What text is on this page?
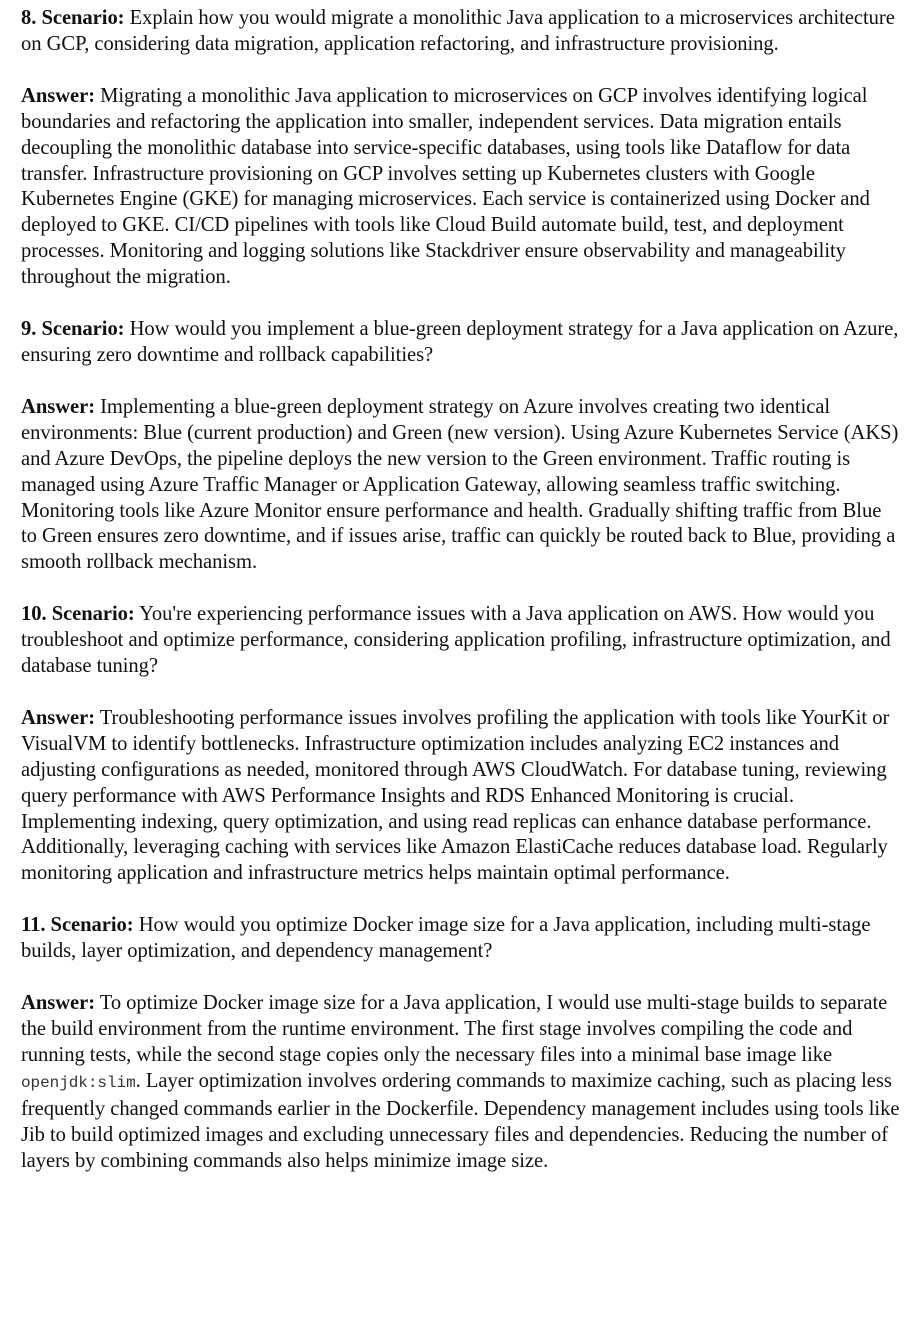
8. Scenario: Explain how you would migrate a monolithic Java application to a microservices architecture on GCP, considering data migration, application refactoring, and infrastructure provisioning.

Answer: Migrating a monolithic Java application to microservices on GCP involves identifying logical boundaries and refactoring the application into smaller, independent services. Data migration entails decoupling the monolithic database into service-specific databases, using tools like Dataflow for data transfer. Infrastructure provisioning on GCP involves setting up Kubernetes clusters with Google Kubernetes Engine (GKE) for managing microservices. Each service is containerized using Docker and deployed to GKE. CI/CD pipelines with tools like Cloud Build automate build, test, and deployment processes. Monitoring and logging solutions like Stackdriver ensure observability and manageability throughout the migration.

9. Scenario: How would you implement a blue-green deployment strategy for a Java application on Azure, ensuring zero downtime and rollback capabilities?

Answer: Implementing a blue-green deployment strategy on Azure involves creating two identical environments: Blue (current production) and Green (new version). Using Azure Kubernetes Service (AKS) and Azure DevOps, the pipeline deploys the new version to the Green environment. Traffic routing is managed using Azure Traffic Manager or Application Gateway, allowing seamless traffic switching. Monitoring tools like Azure Monitor ensure performance and health. Gradually shifting traffic from Blue to Green ensures zero downtime, and if issues arise, traffic can quickly be routed back to Blue, providing a smooth rollback mechanism.

10. Scenario: You're experiencing performance issues with a Java application on AWS. How would you troubleshoot and optimize performance, considering application profiling, infrastructure optimization, and database tuning?

Answer: Troubleshooting performance issues involves profiling the application with tools like YourKit or VisualVM to identify bottlenecks. Infrastructure optimization includes analyzing EC2 instances and adjusting configurations as needed, monitored through AWS CloudWatch. For database tuning, reviewing query performance with AWS Performance Insights and RDS Enhanced Monitoring is crucial. Implementing indexing, query optimization, and using read replicas can enhance database performance. Additionally, leveraging caching with services like Amazon ElastiCache reduces database load. Regularly monitoring application and infrastructure metrics helps maintain optimal performance.

11. Scenario: How would you optimize Docker image size for a Java application, including multi-stage builds, layer optimization, and dependency management?

Answer: To optimize Docker image size for a Java application, I would use multi-stage builds to separate the build environment from the runtime environment. The first stage involves compiling the code and running tests, while the second stage copies only the necessary files into a minimal base image like openjdk:slim. Layer optimization involves ordering commands to maximize caching, such as placing less frequently changed commands earlier in the Dockerfile. Dependency management includes using tools like Jib to build optimized images and excluding unnecessary files and dependencies. Reducing the number of layers by combining commands also helps minimize image size.
